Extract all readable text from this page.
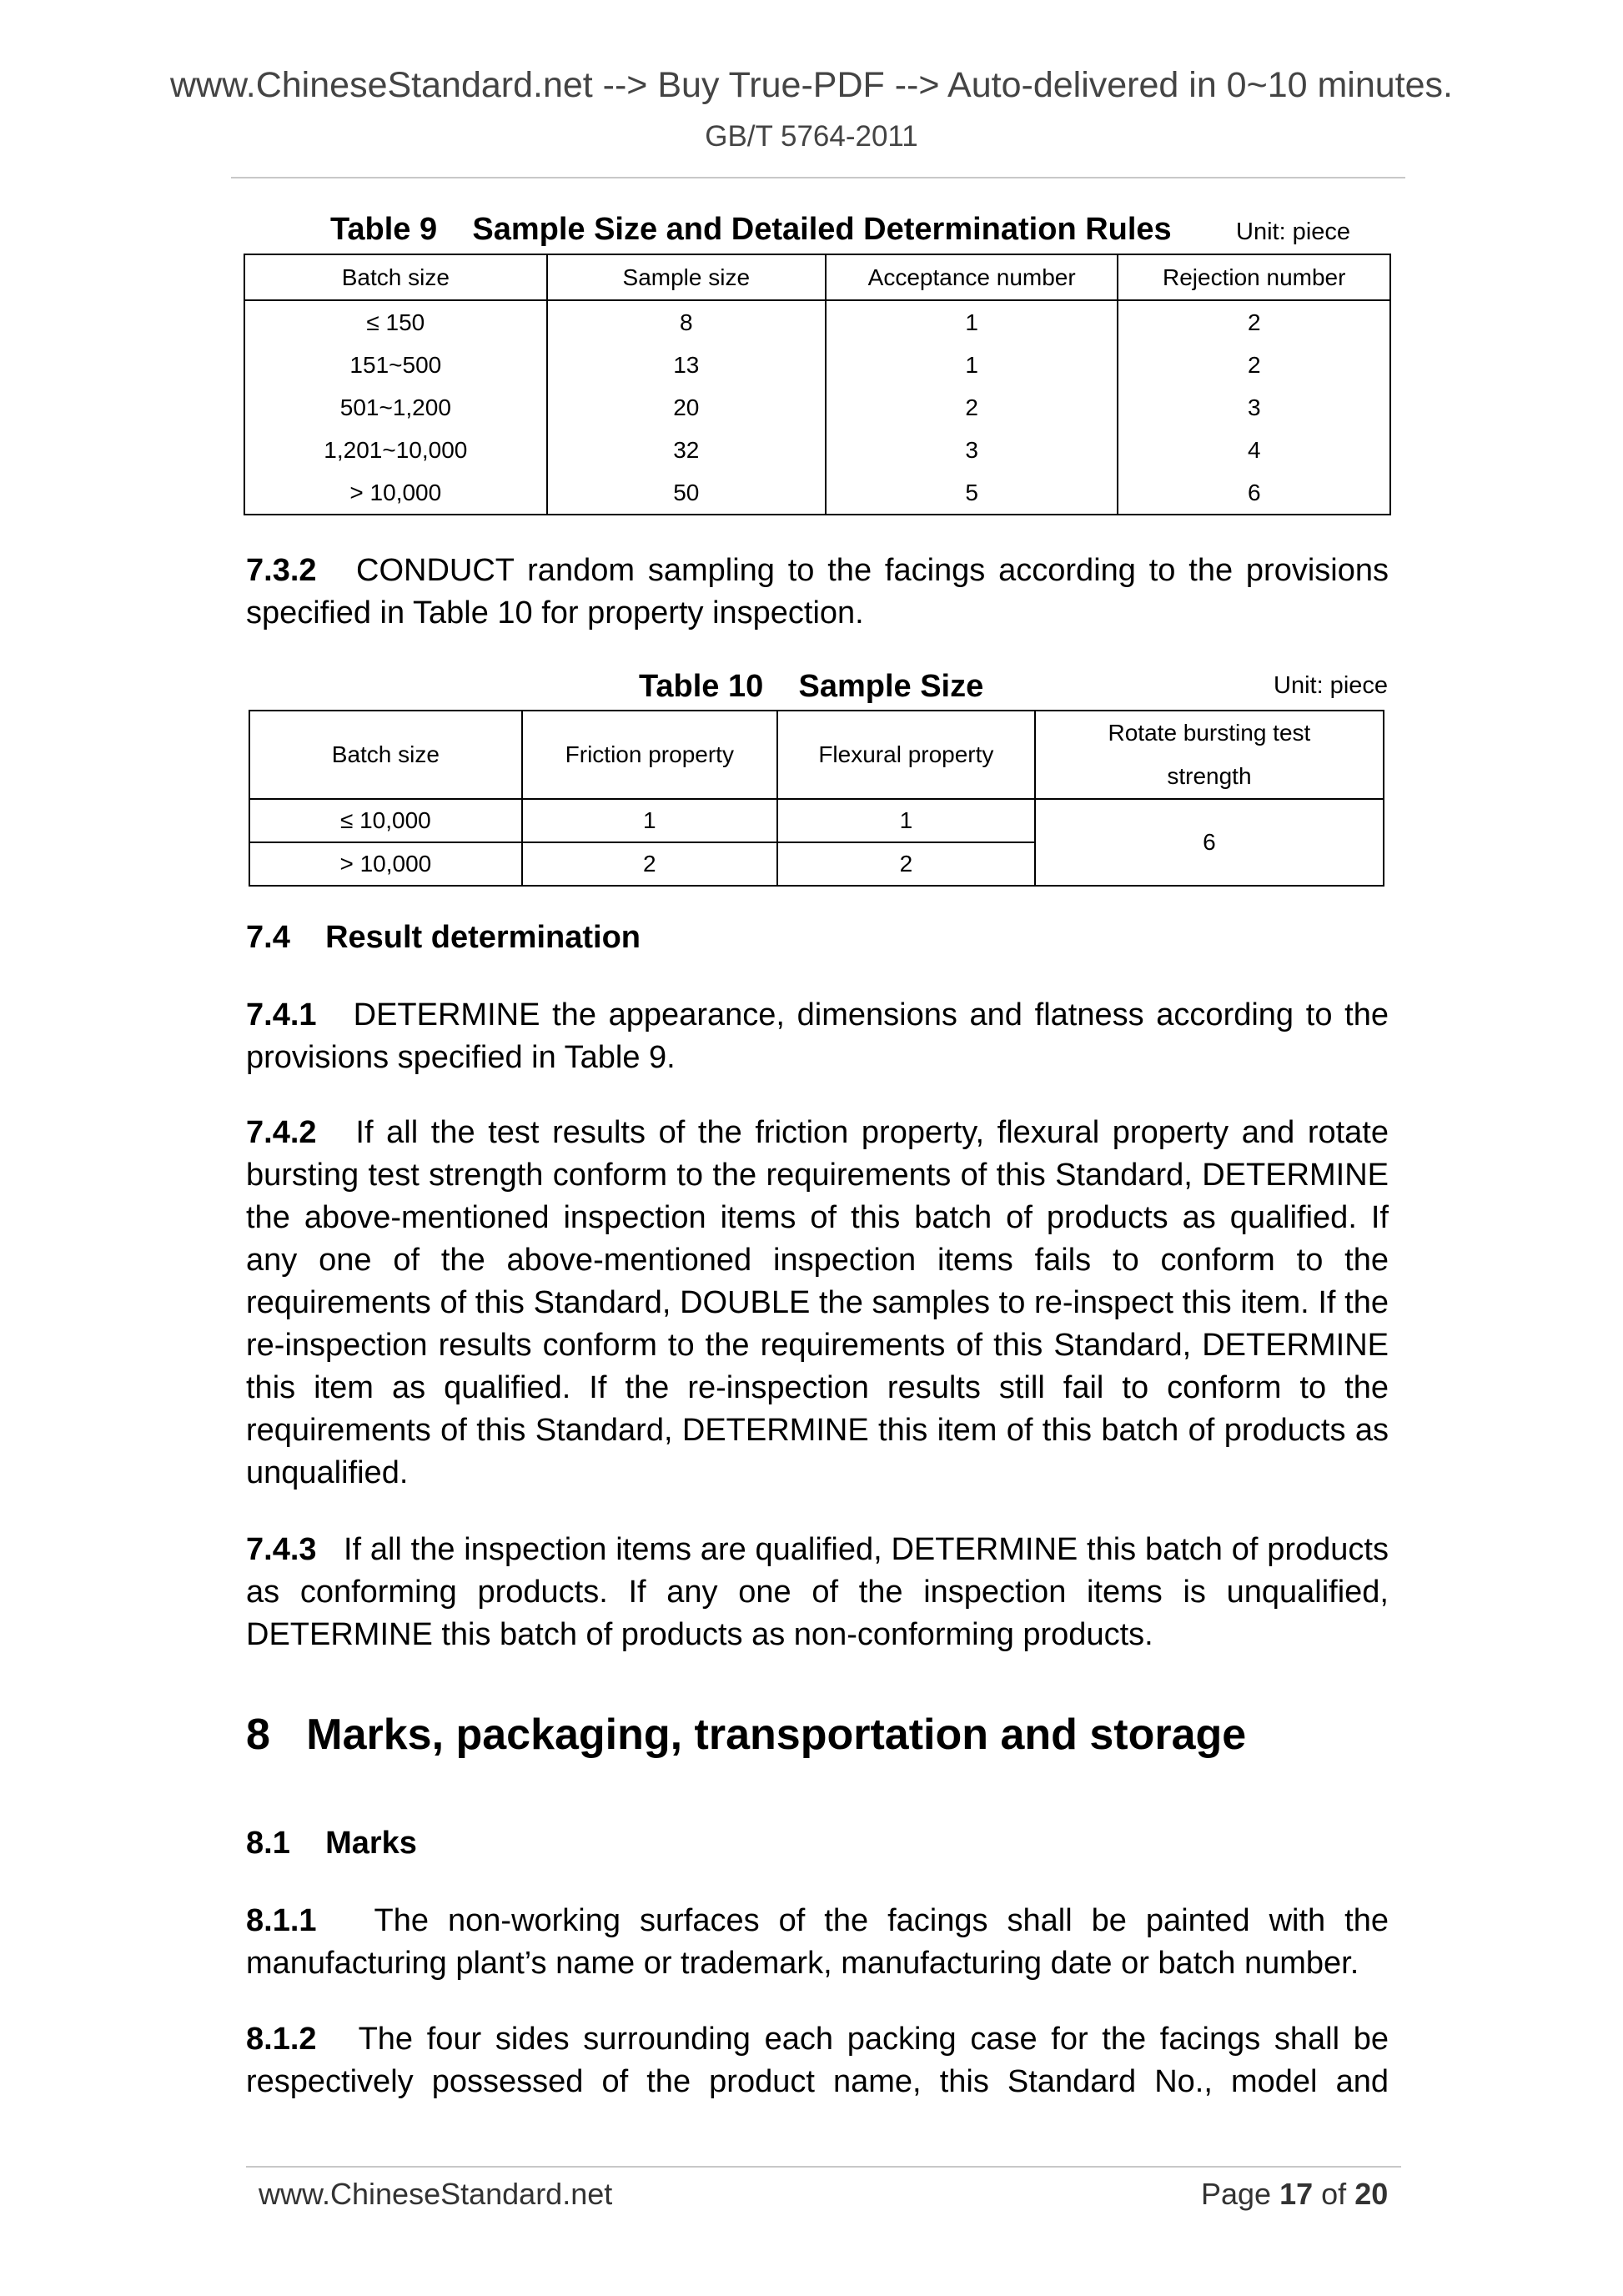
www.ChineseStandard.net --> Buy True-PDF --> Auto-delivered in 0~10 minutes.
GB/T 5764-2011
Table 9    Sample Size and Detailed Determination Rules	Unit: piece
Batch size	Sample size	Acceptance number	Rejection number
≤ 150	8	1	2
151~500	13	1	2
501~1,200	20	2	3
1,201~10,000	32	3	4
> 10,000	50	5	6
7.3.2 CONDUCT random sampling to the facings according to the provisions specified in Table 10 for property inspection.
Table 10    Sample Size	Unit: piece
Batch size	Friction property	Flexural property	Rotate bursting test strength
≤ 10,000	1	1	6
> 10,000	2	2	
7.4 Result determination
7.4.1 DETERMINE the appearance, dimensions and flatness according to the provisions specified in Table 9.
7.4.2 If all the test results of the friction property, flexural property and rotate bursting test strength conform to the requirements of this Standard, DETERMINE the above-mentioned inspection items of this batch of products as qualified. If any one of the above-mentioned inspection items fails to conform to the requirements of this Standard, DOUBLE the samples to re-inspect this item. If the re-inspection results conform to the requirements of this Standard, DETERMINE this item as qualified. If the re-inspection results still fail to conform to the requirements of this Standard, DETERMINE this item of this batch of products as unqualified.
7.4.3 If all the inspection items are qualified, DETERMINE this batch of products as conforming products. If any one of the inspection items is unqualified, DETERMINE this batch of products as non-conforming products.
8 Marks, packaging, transportation and storage
8.1 Marks
8.1.1 The non-working surfaces of the facings shall be painted with the manufacturing plant’s name or trademark, manufacturing date or batch number.
8.1.2 The four sides surrounding each packing case for the facings shall be respectively possessed of the product name, this Standard No., model and
www.ChineseStandard.net	Page 17 of 20
